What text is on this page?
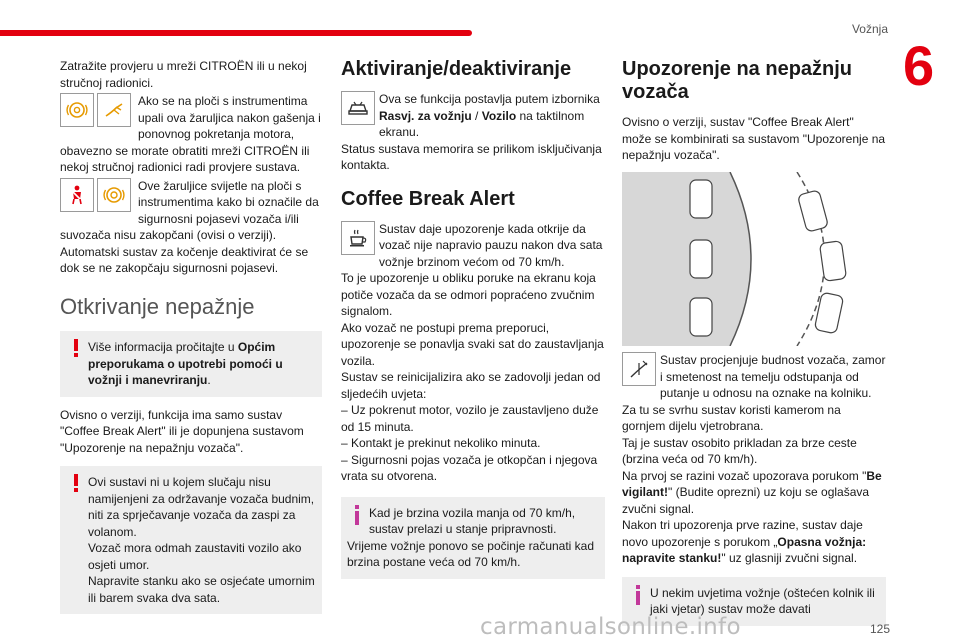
Vožnja
6

Zatražite provjeru u mreži CITROËN ili u nekoj stručnoj radionici.

Ako se na ploči s instrumentima upali ova žaruljica nakon gašenja i ponovnog pokretanja motora, obavezno se morate obratiti mreži CITROËN ili nekoj stručnoj radionici radi provjere sustava.

Ove žaruljice svijetle na ploči s instrumentima kako bi označile da sigurnosni pojasevi vozača i/ili suvozača nisu zakopčani (ovisi o verziji). Automatski sustav za kočenje deaktivirat će se dok se ne zakopčaju sigurnosni pojasevi.

Otkrivanje nepažnje
Više informacija pročitajte u Općim preporukama o upotrebi pomoći u vožnji i manevriranju.

Ovisno o verziji, funkcija ima samo sustav "Coffee Break Alert" ili je dopunjena sustavom "Upozorenje na nepažnju vozača".

Ovi sustavi ni u kojem slučaju nisu namijenjeni za održavanje vozača budnim, niti za sprječavanje vozača da zaspi za volanom.

Vozač mora odmah zaustaviti vozilo ako osjeti umor.

Napravite stanku ako se osjećate umornim ili barem svaka dva sata.

Aktiviranje/deaktiviranje

Ova se funkcija postavlja putem izbornika Rasvj. za vožnju / Vozilo na taktilnom ekranu.

Status sustava memorira se prilikom isključivanja kontakta.

Coffee Break Alert

Sustav daje upozorenje kada otkrije da vozač nije napravio pauzu nakon dva sata vožnje brzinom većom od 70 km/h.

To je upozorenje u obliku poruke na ekranu koja potiče vozača da se odmori popraćeno zvučnim signalom.

Ako vozač ne postupi prema preporuci, upozorenje se ponavlja svaki sat do zaustavljanja vozila.

Sustav se reinicijalizira ako se zadovolji jedan od sljedećih uvjeta:

– Uz pokrenut motor, vozilo je zaustavljeno duže od 15 minuta.

– Kontakt je prekinut nekoliko minuta.

– Sigurnosni pojas vozača je otkopčan i njegova vrata su otvorena.

Kad je brzina vozila manja od 70 km/h, sustav prelazi u stanje pripravnosti.

Vrijeme vožnje ponovo se počinje računati kad brzina postane veća od 70 km/h.

Upozorenje na nepažnju vozača

Ovisno o verziji, sustav "Coffee Break Alert" može se kombinirati sa sustavom "Upozorenje na nepažnju vozača".

Sustav procjenjuje budnost vozača, zamor i smetenost na temelju odstupanja od putanje u odnosu na oznake na kolniku.

Za tu se svrhu sustav koristi kamerom na gornjem dijelu vjetrobrana.

Taj je sustav osobito prikladan za brze ceste (brzina veća od 70 km/h).

Na prvoj se razini vozač upozorava porukom "Be vigilant!" (Budite oprezni) uz koju se oglašava zvučni signal.

Nakon tri upozorenja prve razine, sustav daje novo upozorenje s porukom „Opasna vožnja: napravite stanku!" uz glasniji zvučni signal.

U nekim uvjetima vožnje (oštećen kolnik ili jaki vjetar) sustav može davati
carmanualsonline.info	125
